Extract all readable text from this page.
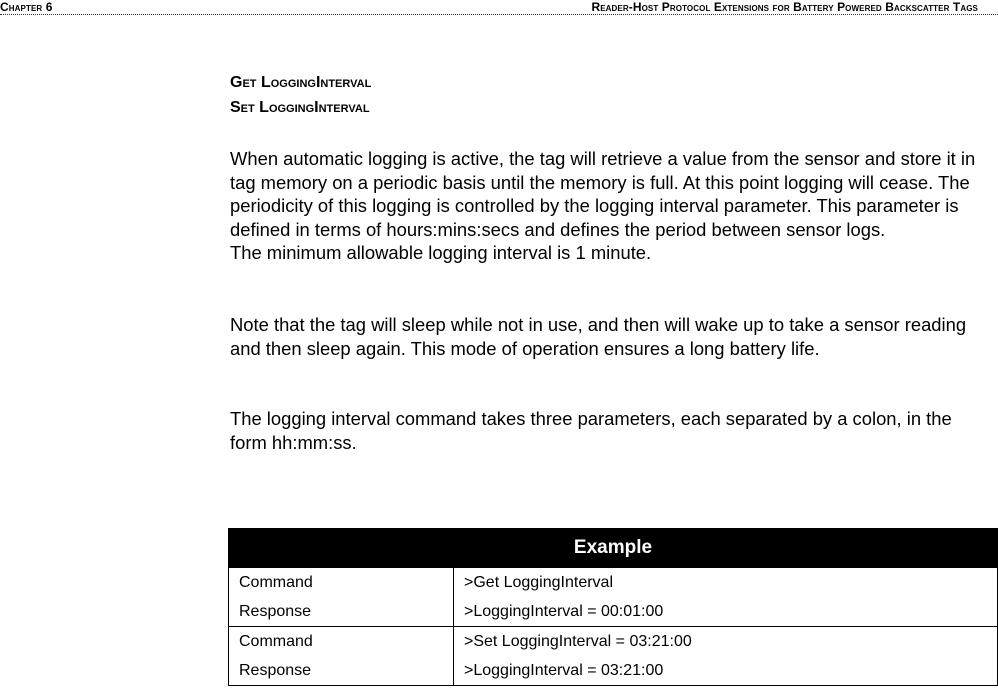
Chapter 6	Reader-Host Protocol Extensions for Battery Powered Backscatter Tags
Get LoggingInterval
Set LoggingInterval
When automatic logging is active, the tag will retrieve a value from the sensor and store it in tag memory on a periodic basis until the memory is full. At this point logging will cease. The periodicity of this logging is controlled by the logging interval parameter. This parameter is defined in terms of hours:mins:secs and defines the period between sensor logs.
The minimum allowable logging interval is 1 minute.

Note that the tag will sleep while not in use, and then will wake up to take a sensor reading and then sleep again. This mode of operation ensures a long battery life.

The logging interval command takes three parameters, each separated by a colon, in the form hh:mm:ss.

Example	
Command	>Get LoggingInterval
Response	>LoggingInterval = 00:01:00
Command	>Set LoggingInterval = 03:21:00
Response	>LoggingInterval = 03:21:00
